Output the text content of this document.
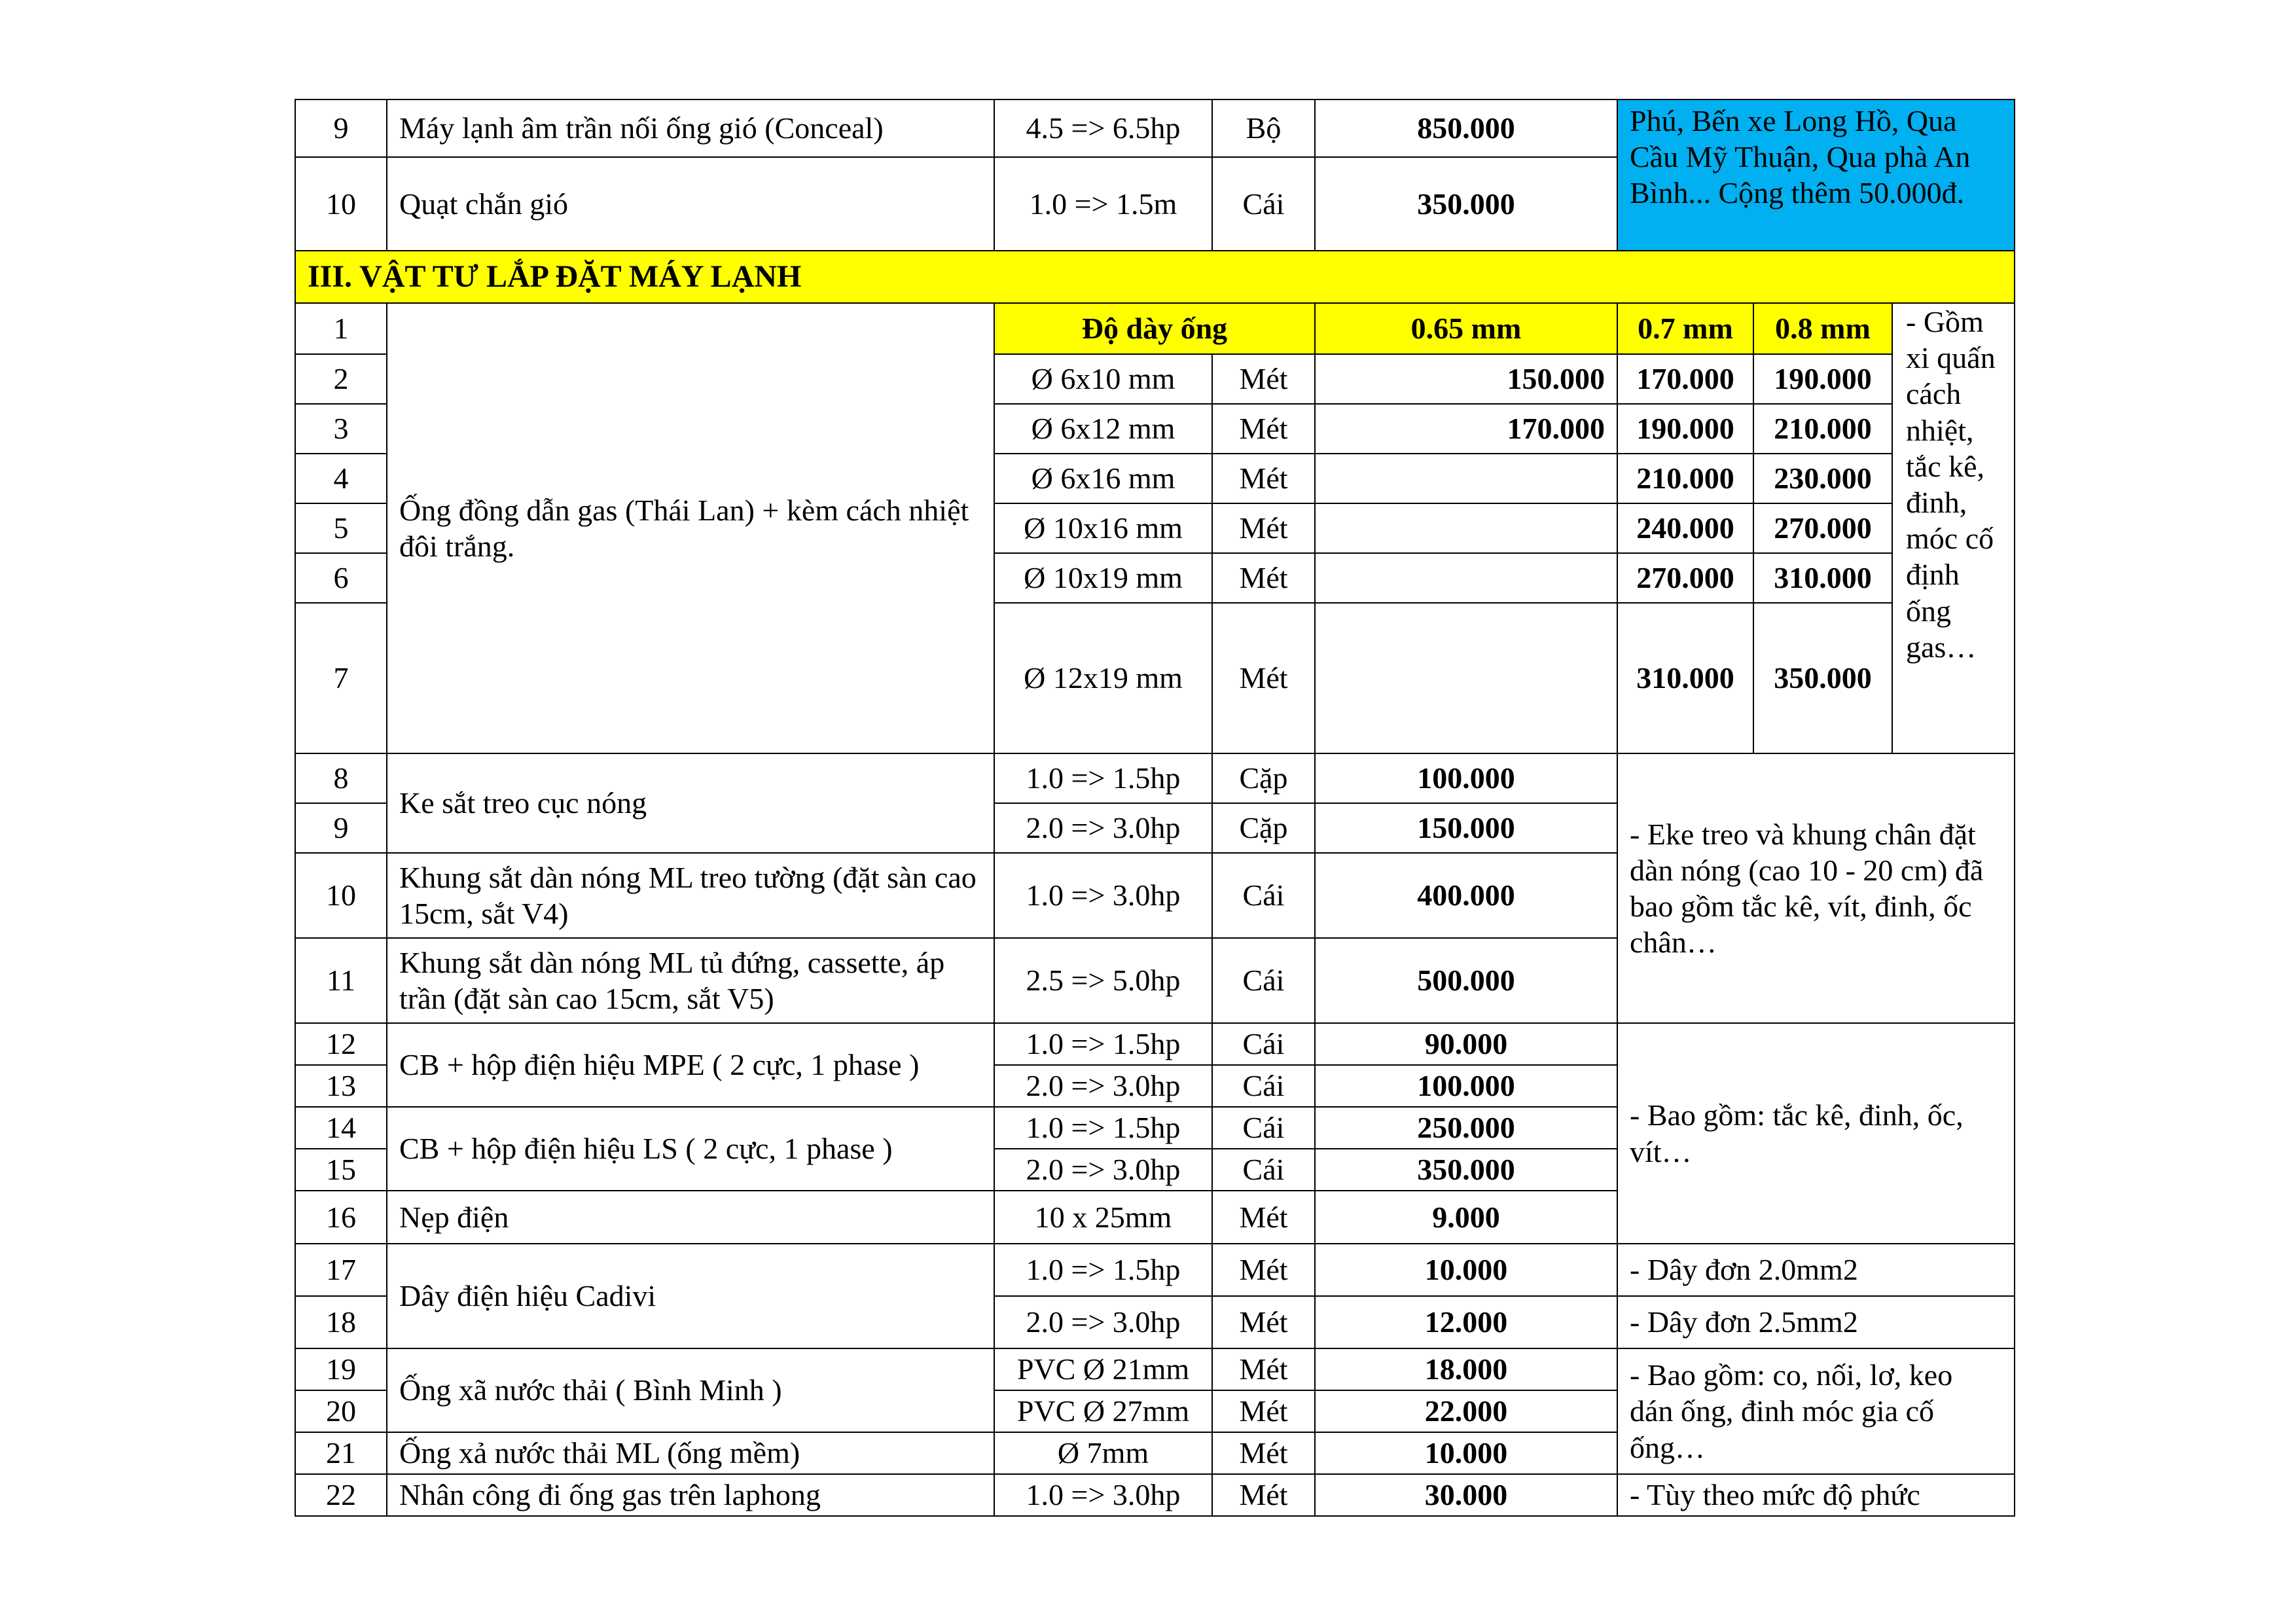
9	Máy lạnh âm trần nối ống gió (Conceal)	4.5 => 6.5hp	Bộ	850.000	Phú, Bến xe Long Hồ, Qua Cầu Mỹ Thuận, Qua phà An Bình... Cộng thêm 50.000đ.		
10	Quạt chắn gió	1.0 => 1.5m	Cái	350.000			
III. VẬT TƯ LẮP ĐẶT MÁY LẠNH							
1	Ống đồng dẫn gas (Thái Lan) + kèm cách nhiệt đôi trắng.	Độ dày ống		0.65 mm	0.7 mm	0.8 mm	- Gồm xi quấn cách nhiệt, tắc kê, đinh, móc cố định ống gas…
2		Ø 6x10 mm	Mét	150.000	170.000	190.000	
3		Ø 6x12 mm	Mét	170.000	190.000	210.000	
4		Ø 6x16 mm	Mét		210.000	230.000	
5		Ø 10x16 mm	Mét		240.000	270.000	
6		Ø 10x19 mm	Mét		270.000	310.000	
7		Ø 12x19 mm	Mét		310.000	350.000	
8	Ke sắt treo cục nóng	1.0 => 1.5hp	Cặp	100.000	- Eke treo và khung chân đặt dàn nóng (cao 10 - 20 cm) đã bao gồm tắc kê, vít, đinh, ốc chân…		
9		2.0 => 3.0hp	Cặp	150.000			
10	Khung sắt dàn nóng ML treo tường (đặt sàn cao 15cm, sắt V4)	1.0 => 3.0hp	Cái	400.000			
11	Khung sắt dàn nóng ML tủ đứng, cassette, áp trần (đặt sàn cao 15cm, sắt V5)	2.5 => 5.0hp	Cái	500.000			
12	CB + hộp điện hiệu MPE ( 2 cực, 1 phase )	1.0 => 1.5hp	Cái	90.000	- Bao gồm: tắc kê, đinh, ốc, vít…		
13		2.0 => 3.0hp	Cái	100.000			
14	CB + hộp điện hiệu LS ( 2 cực, 1 phase )	1.0 => 1.5hp	Cái	250.000			
15		2.0 => 3.0hp	Cái	350.000			
16	Nẹp điện	10 x 25mm	Mét	9.000			
17	Dây điện hiệu Cadivi	1.0 => 1.5hp	Mét	10.000	- Dây đơn 2.0mm2		
18		2.0 => 3.0hp	Mét	12.000	- Dây đơn 2.5mm2		
19	Ống xã nước thải ( Bình Minh )	PVC Ø 21mm	Mét	18.000	- Bao gồm: co, nối, lơ, keo dán ống, đinh móc gia cố ống…		
20		PVC Ø 27mm	Mét	22.000			
21	Ống xả nước thải ML (ống mềm)	Ø 7mm	Mét	10.000			
22	Nhân công đi ống gas trên laphong	1.0 => 3.0hp	Mét	30.000	- Tùy theo mức độ phức		
